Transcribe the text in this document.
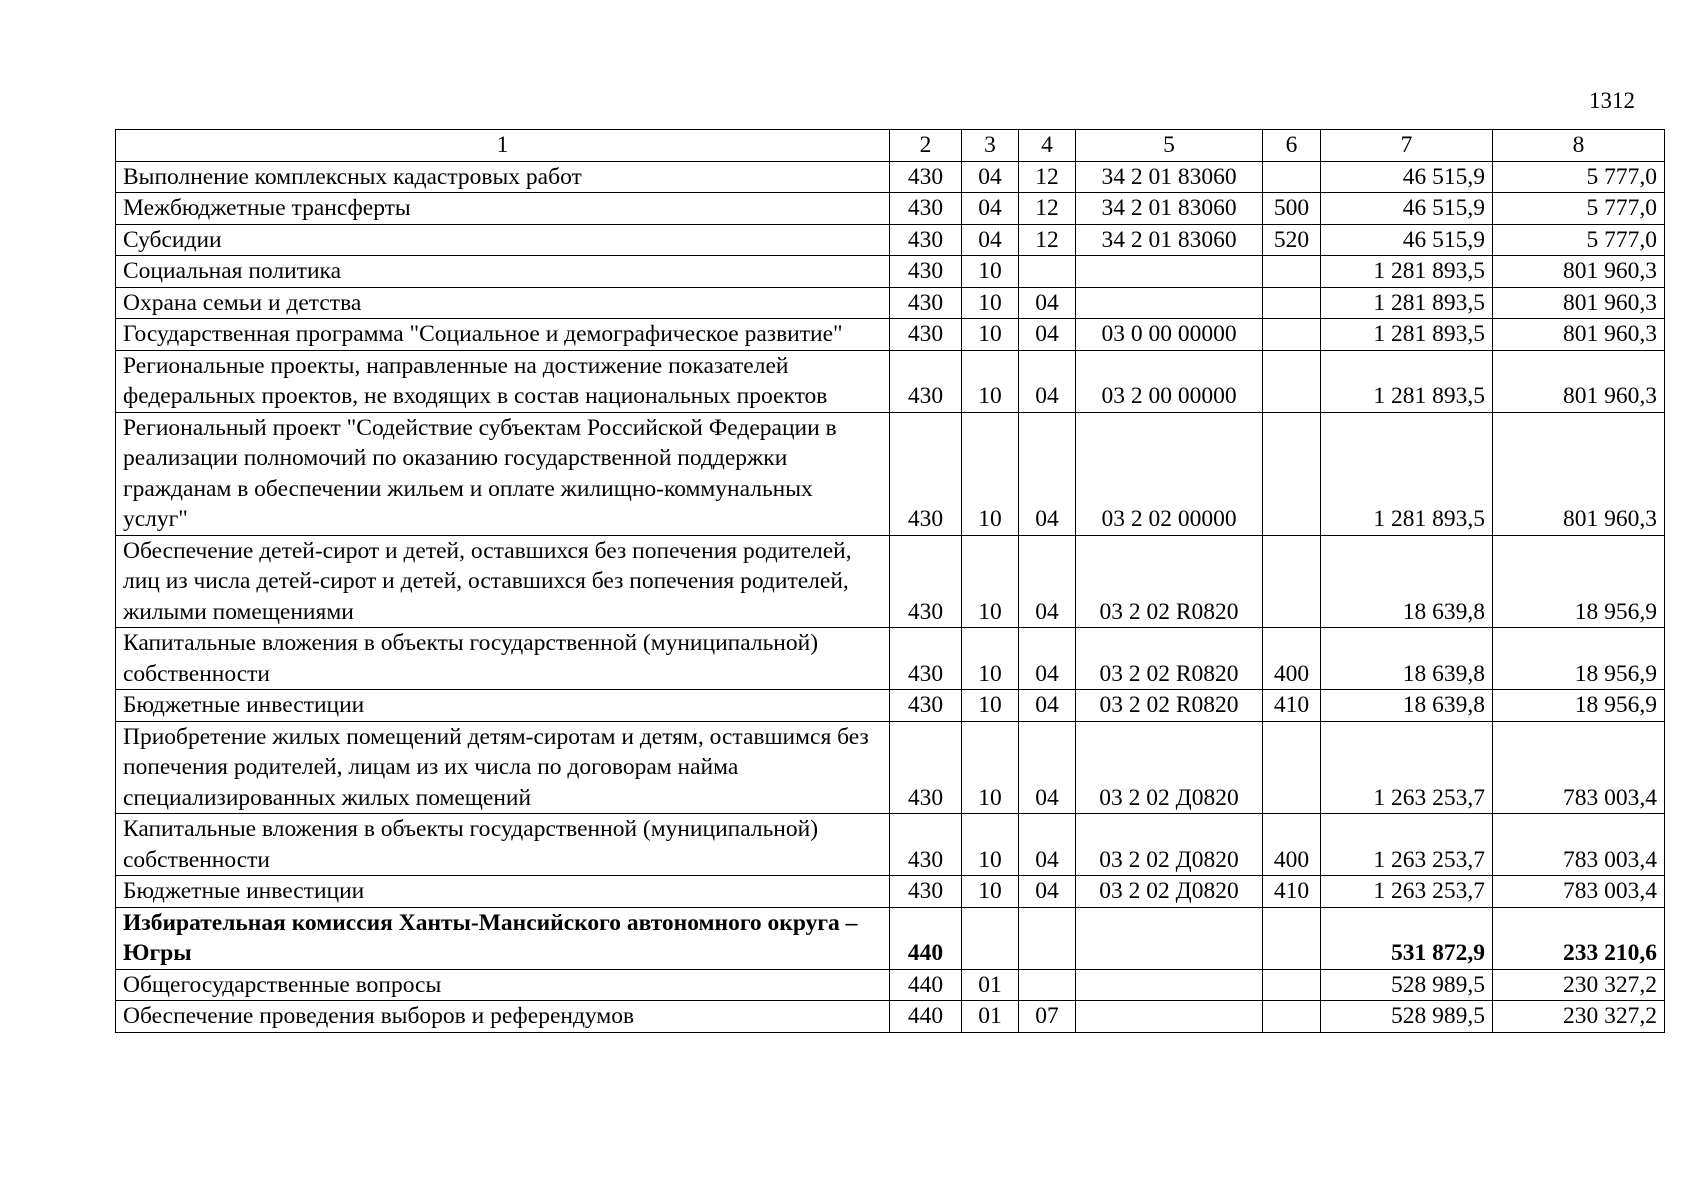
1312
1	2	3	4	5	6	7	8
Выполнение комплексных кадастровых работ	430	04	12	34 2 01 83060		46 515,9	5 777,0
Межбюджетные трансферты	430	04	12	34 2 01 83060	500	46 515,9	5 777,0
Субсидии	430	04	12	34 2 01 83060	520	46 515,9	5 777,0
Социальная политика	430	10				1 281 893,5	801 960,3
Охрана семьи и детства	430	10	04			1 281 893,5	801 960,3
Государственная программа "Социальное и демографическое развитие"	430	10	04	03 0 00 00000		1 281 893,5	801 960,3
Региональные проекты, направленные на достижение показателей федеральных проектов, не входящих в состав национальных проектов	430	10	04	03 2 00 00000		1 281 893,5	801 960,3
Региональный проект "Содействие субъектам Российской Федерации в реализации полномочий по оказанию государственной поддержки гражданам в обеспечении жильем и оплате жилищно-коммунальных услуг"	430	10	04	03 2 02 00000		1 281 893,5	801 960,3
Обеспечение детей-сирот и детей, оставшихся без попечения родителей, лиц из числа детей-сирот и детей, оставшихся без попечения родителей, жилыми помещениями	430	10	04	03 2 02 R0820		18 639,8	18 956,9
Капитальные вложения в объекты государственной (муниципальной) собственности	430	10	04	03 2 02 R0820	400	18 639,8	18 956,9
Бюджетные инвестиции	430	10	04	03 2 02 R0820	410	18 639,8	18 956,9
Приобретение жилых помещений детям-сиротам и детям, оставшимся без попечения родителей, лицам из их числа по договорам найма специализированных жилых помещений	430	10	04	03 2 02 Д0820		1 263 253,7	783 003,4
Капитальные вложения в объекты государственной (муниципальной) собственности	430	10	04	03 2 02 Д0820	400	1 263 253,7	783 003,4
Бюджетные инвестиции	430	10	04	03 2 02 Д0820	410	1 263 253,7	783 003,4
Избирательная комиссия Ханты-Мансийского автономного округа – Югры	440					531 872,9	233 210,6
Общегосударственные вопросы	440	01				528 989,5	230 327,2
Обеспечение проведения выборов и референдумов	440	01	07			528 989,5	230 327,2
